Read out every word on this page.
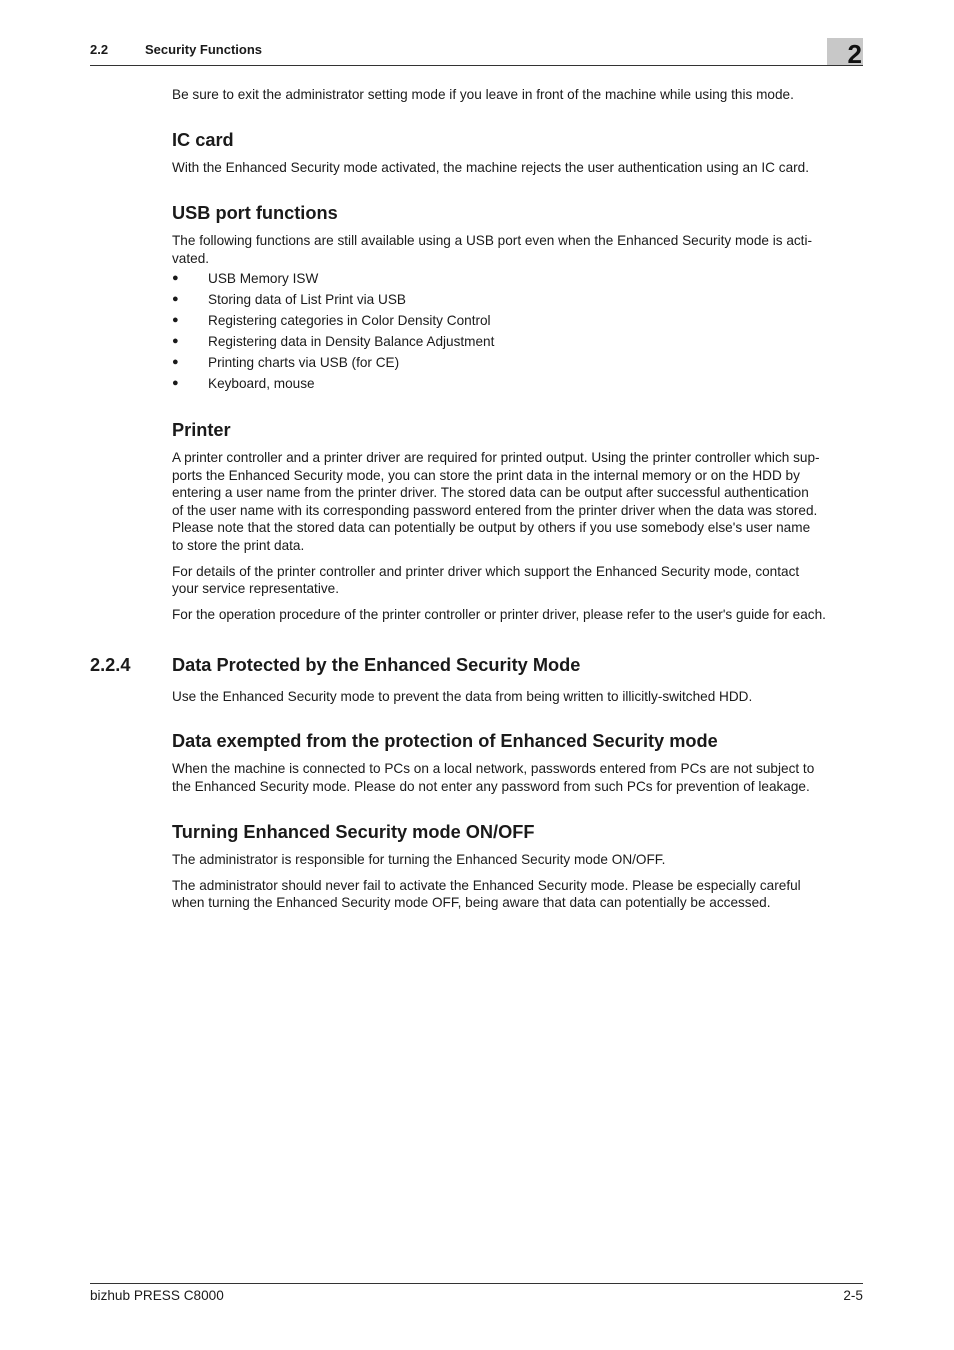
2.2	Security Functions	2

Be sure to exit the administrator setting mode if you leave in front of the machine while using this mode.

IC card

With the Enhanced Security mode activated, the machine rejects the user authentication using an IC card.

USB port functions

The following functions are still available using a USB port even when the Enhanced Security mode is acti-

vated.

● USB Memory ISW
● Storing data of List Print via USB
● Registering categories in Color Density Control
● Registering data in Density Balance Adjustment
● Printing charts via USB (for CE)
● Keyboard, mouse
Printer

A printer controller and a printer driver are required for printed output. Using the printer controller which sup-

ports the Enhanced Security mode, you can store the print data in the internal memory or on the HDD by

entering a user name from the printer driver. The stored data can be output after successful authentication

of the user name with its corresponding password entered from the printer driver when the data was stored.

Please note that the stored data can potentially be output by others if you use somebody else's user name

to store the print data.

For details of the printer controller and printer driver which support the Enhanced Security mode, contact

your service representative.

For the operation procedure of the printer controller or printer driver, please refer to the user's guide for each.

2.2.4 Data Protected by the Enhanced Security Mode

Use the Enhanced Security mode to prevent the data from being written to illicitly-switched HDD.

Data exempted from the protection of Enhanced Security mode

When the machine is connected to PCs on a local network, passwords entered from PCs are not subject to

the Enhanced Security mode. Please do not enter any password from such PCs for prevention of leakage.

Turning Enhanced Security mode ON/OFF

The administrator is responsible for turning the Enhanced Security mode ON/OFF.

The administrator should never fail to activate the Enhanced Security mode. Please be especially careful

when turning the Enhanced Security mode OFF, being aware that data can potentially be accessed.

bizhub PRESS C8000	2-5
